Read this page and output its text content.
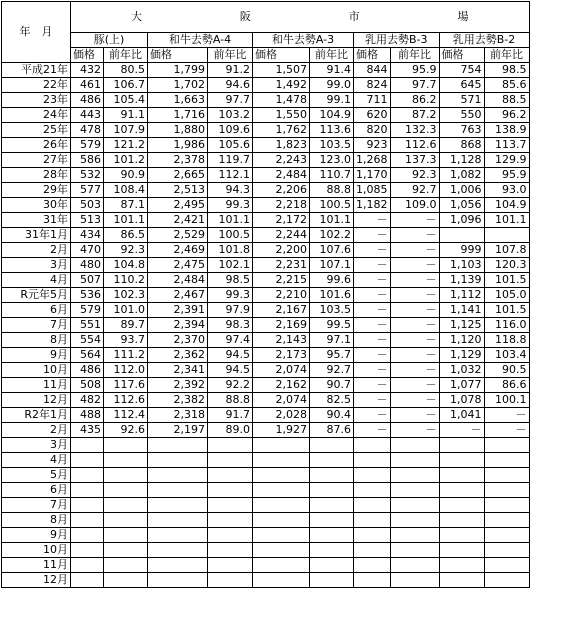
年　月	大 阪 市 場									
	豚(上)		和牛去勢A-4		和牛去勢A-3		乳用去勢B-3		乳用去勢B-2	
	価格	前年比	価格	前年比	価格	前年比	価格	前年比	価格	前年比
平成21年	432	80.5	1,799	91.2	1,507	91.4	844	95.9	754	98.5
22年	461	106.7	1,702	94.6	1,492	99.0	824	97.7	645	85.6
23年	486	105.4	1,663	97.7	1,478	99.1	711	86.2	571	88.5
24年	443	91.1	1,716	103.2	1,550	104.9	620	87.2	550	96.2
25年	478	107.9	1,880	109.6	1,762	113.6	820	132.3	763	138.9
26年	579	121.2	1,986	105.6	1,823	103.5	923	112.6	868	113.7
27年	586	101.2	2,378	119.7	2,243	123.0	1,268	137.3	1,128	129.9
28年	532	90.9	2,665	112.1	2,484	110.7	1,170	92.3	1,082	95.9
29年	577	108.4	2,513	94.3	2,206	88.8	1,085	92.7	1,006	93.0
30年	503	87.1	2,495	99.3	2,218	100.5	1,182	109.0	1,056	104.9
31年	513	101.1	2,421	101.1	2,172	101.1	－	－	1,096	101.1
31年1月	434	86.5	2,529	100.5	2,244	102.2	－	－		
2月	470	92.3	2,469	101.8	2,200	107.6	－	－	999	107.8
3月	480	104.8	2,475	102.1	2,231	107.1	－	－	1,103	120.3
4月	507	110.2	2,484	98.5	2,215	99.6	－	－	1,139	101.5
R元年5月	536	102.3	2,467	99.3	2,210	101.6	－	－	1,112	105.0
6月	579	101.0	2,391	97.9	2,167	103.5	－	－	1,141	101.5
7月	551	89.7	2,394	98.3	2,169	99.5	－	－	1,125	116.0
8月	554	93.7	2,370	97.4	2,143	97.1	－	－	1,120	118.8
9月	564	111.2	2,362	94.5	2,173	95.7	－	－	1,129	103.4
10月	486	112.0	2,341	94.5	2,074	92.7	－	－	1,032	90.5
11月	508	117.6	2,392	92.2	2,162	90.7	－	－	1,077	86.6
12月	482	112.6	2,382	88.8	2,074	82.5	－	－	1,078	100.1
R2年1月	488	112.4	2,318	91.7	2,028	90.4	－	－	1,041	－
2月	435	92.6	2,197	89.0	1,927	87.6	－	－	－	－
3月										
4月										
5月										
6月										
7月										
8月										
9月										
10月										
11月										
12月										
